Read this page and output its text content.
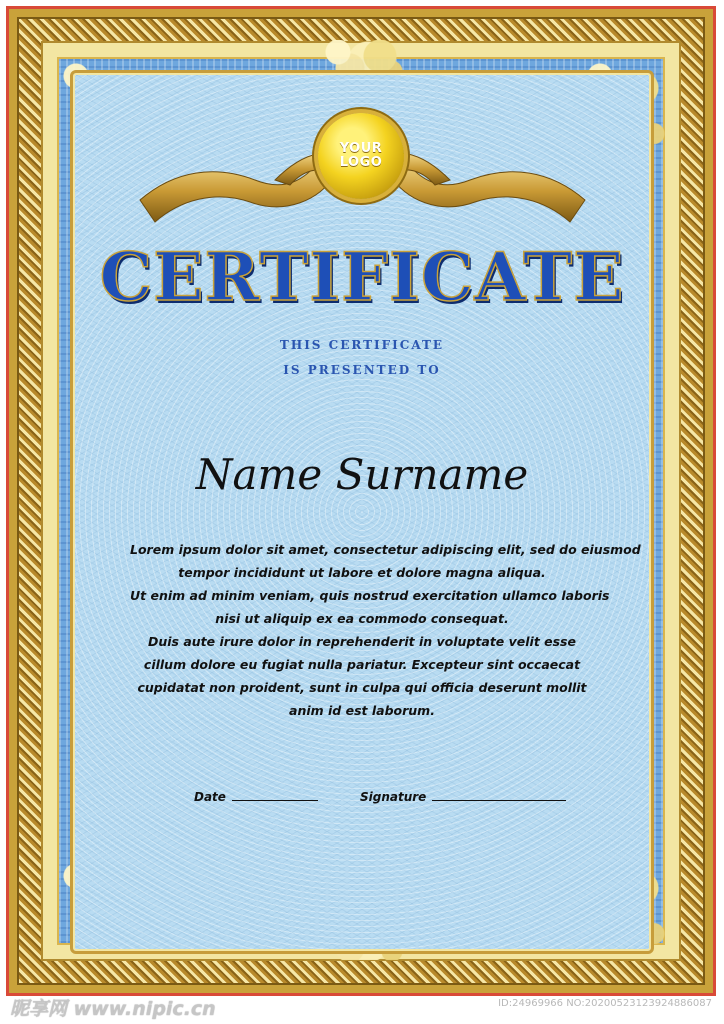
YOUR
LOGO
CERTIFICATE
THIS CERTIFICATE
IS PRESENTED TO
Name Surname
Lorem ipsum dolor sit amet, consectetur adipiscing elit, sed do eiusmod
tempor incididunt ut labore et dolore magna aliqua.
Ut enim ad minim veniam, quis nostrud exercitation ullamco laboris
nisi ut aliquip ex ea commodo consequat.
Duis aute irure dolor in reprehenderit in voluptate velit esse
cillum dolore eu fugiat nulla pariatur. Excepteur sint occaecat
cupidatat non proident, sunt in culpa qui officia deserunt mollit
anim id est laborum.
Date	Signature
昵享网 www.nipic.cn	ID:24969966 NO:20200523123924886087
